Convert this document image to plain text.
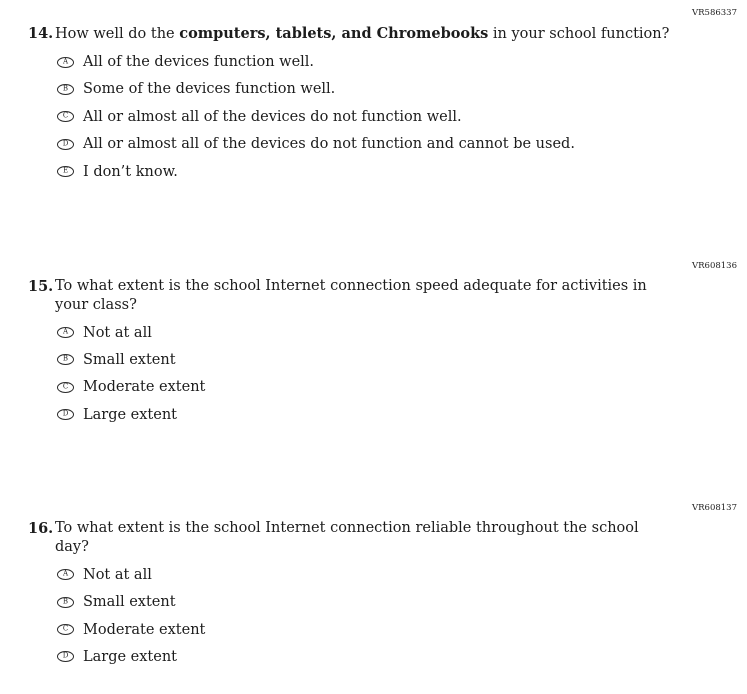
VR586337
14. How well do the computers, tablets, and Chromebooks in your school function?
A All of the devices function well.
B Some of the devices function well.
C All or almost all of the devices do not function well.
D All or almost all of the devices do not function and cannot be used.
E I don’t know.
VR608136
15. To what extent is the school Internet connection speed adequate for activities in
your class?
A Not at all
B Small extent
C Moderate extent
D Large extent
VR608137
16. To what extent is the school Internet connection reliable throughout the school
day?
A Not at all
B Small extent
C Moderate extent
D Large extent
